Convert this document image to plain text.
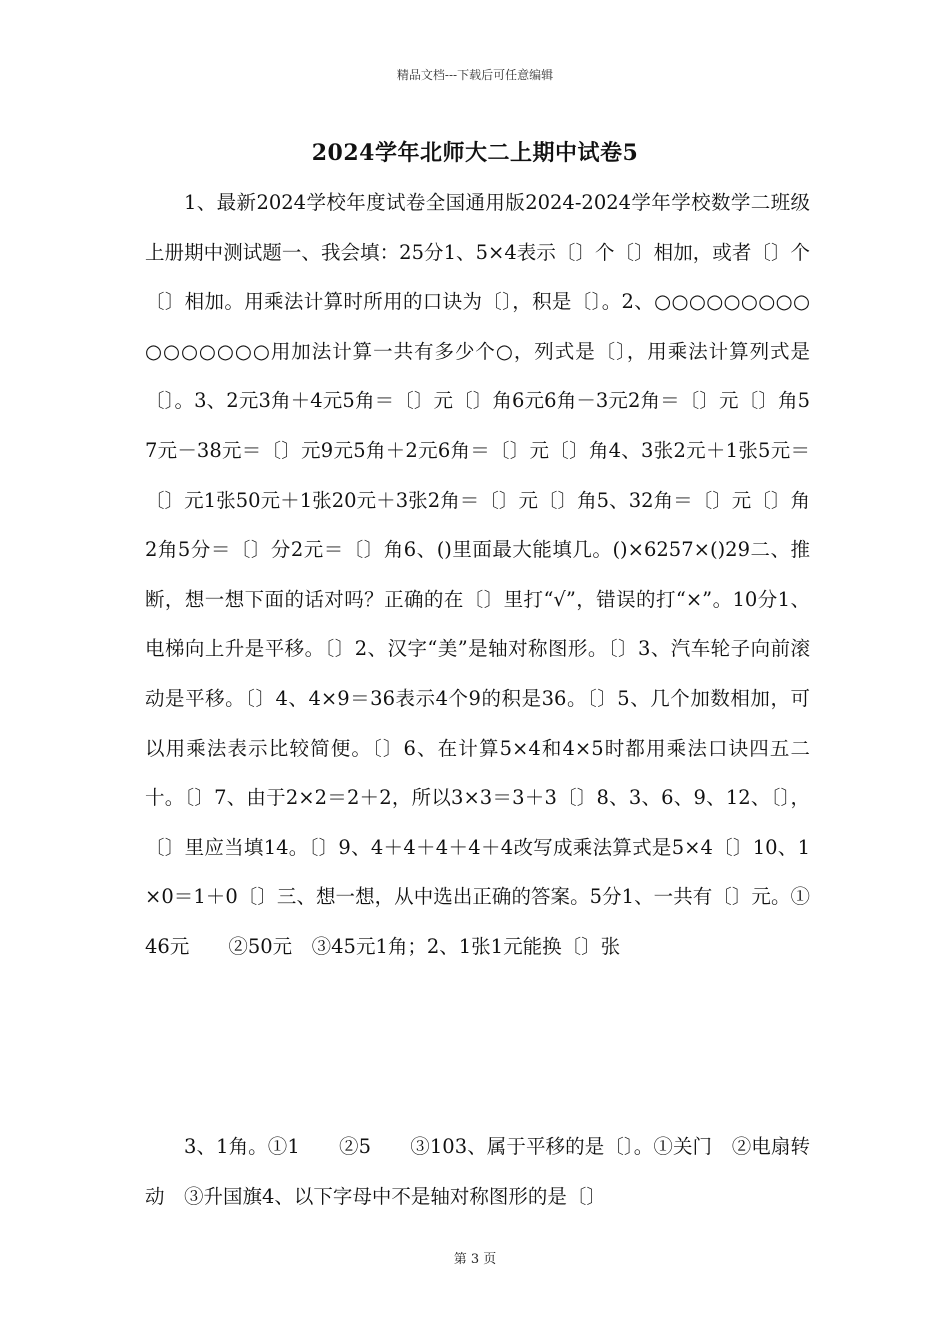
精品文档---下载后可任意编辑
2024学年北师大二上期中试卷5

1、最新2024学校年度试卷全国通用版2024-2024学年学校数学二班级上册期中测试题一、我会填：25分1、5×4表示〔〕个〔〕相加，或者〔〕个〔〕相加。用乘法计算时所用的口诀为〔〕，积是〔〕。2、○○○○○○○○○○○○○○○○用加法计算一共有多少个○，列式是〔〕，用乘法计算列式是〔〕。3、2元3角＋4元5角＝〔〕元〔〕角6元6角－3元2角＝〔〕元〔〕角57元－38元＝〔〕元9元5角＋2元6角＝〔〕元〔〕角4、3张2元＋1张5元＝〔〕元1张50元＋1张20元＋3张2角＝〔〕元〔〕角5、32角＝〔〕元〔〕角2角5分＝〔〕分2元＝〔〕角6、()里面最大能填几。()×6257×()29二、推断，想一想下面的话对吗？正确的在〔〕里打“√”，错误的打“×”。10分1、电梯向上升是平移。〔〕2、汉字“美”是轴对称图形。〔〕3、汽车轮子向前滚动是平移。〔〕4、4×9＝36表示4个9的积是36。〔〕5、几个加数相加，可以用乘法表示比较简便。〔〕6、在计算5×4和4×5时都用乘法口诀四五二十。〔〕7、由于2×2＝2＋2，所以3×3＝3＋3〔〕8、3、6、9、12、〔〕，〔〕里应当填14。〔〕9、4＋4＋4＋4＋4改写成乘法算式是5×4〔〕10、1×0＝1＋0〔〕三、想一想，从中选出正确的答案。5分1、一共有〔〕元。①46元　　②50元　③45元1角；2、1张1元能换〔〕张

3、1角。①1　　②5　　③103、属于平移的是〔〕。①关门　②电扇转动　③升国旗4、以下字母中不是轴对称图形的是〔〕

第 3 页
